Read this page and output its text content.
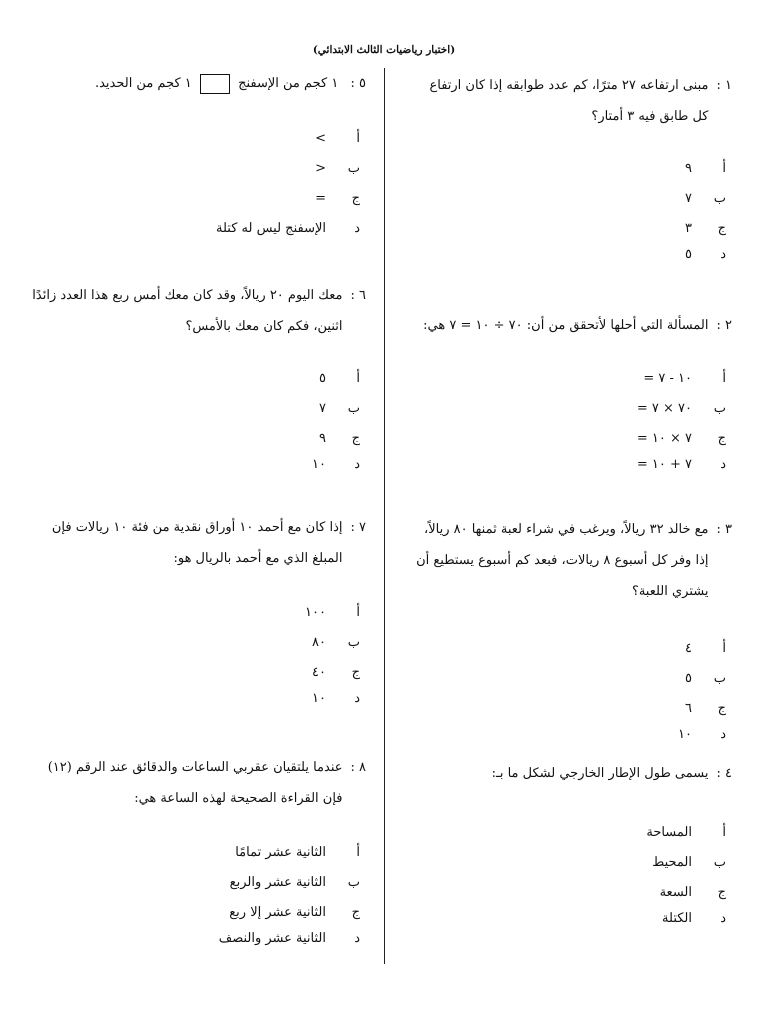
(اختبار رياضيات الثالث الابتدائي)
١ :
مبنى ارتفاعه ٢٧ مترًا، كم عدد طوابقه إذا كان ارتفاع كل طابق فيه ٣ أمتار؟
أ٩
ب٧
ج٣
د٥
٢ :
المسألة التي أحلها لأتحقق من أن: ٧٠ ÷ ١٠ = ٧ هي:
أ١٠ - ٧ =
ب٧٠ × ٧ =
ج٧ × ١٠ =
د٧ + ١٠ =
٣ :
مع خالد ٣٢ ريالاً، ويرغب في شراء لعبة ثمنها ٨٠ ريالاً، إذا وفر كل أسبوع ٨ ريالات، فبعد كم أسبوع يستطيع أن يشتري اللعبة؟
أ٤
ب٥
ج٦
د١٠
٤ :
يسمى طول الإطار الخارجي لشكل ما بـ:
أالمساحة
بالمحيط
جالسعة
دالكتلة
٥ : ١ كجم من الإسفنج  ١ كجم من الحديد.
أ>
ب<
ج=
دالإسفنج ليس له كتلة
٦ :
معك اليوم ٢٠ ريالاً، وقد كان معك أمس ربع هذا العدد زائدًا اثنين، فكم كان معك بالأمس؟
أ٥
ب٧
ج٩
د١٠
٧ :
إذا كان مع أحمد ١٠ أوراق نقدية من فئة ١٠ ريالات فإن المبلغ الذي مع أحمد بالريال هو:
أ١٠٠
ب٨٠
ج٤٠
د١٠
٨ :
عندما يلتقيان عقربي الساعات والدقائق عند الرقم (١٢) فإن القراءة الصحيحة لهذه الساعة هي:
أالثانية عشر تمامًا
بالثانية عشر والربع
جالثانية عشر إلا ربع
دالثانية عشر والنصف
